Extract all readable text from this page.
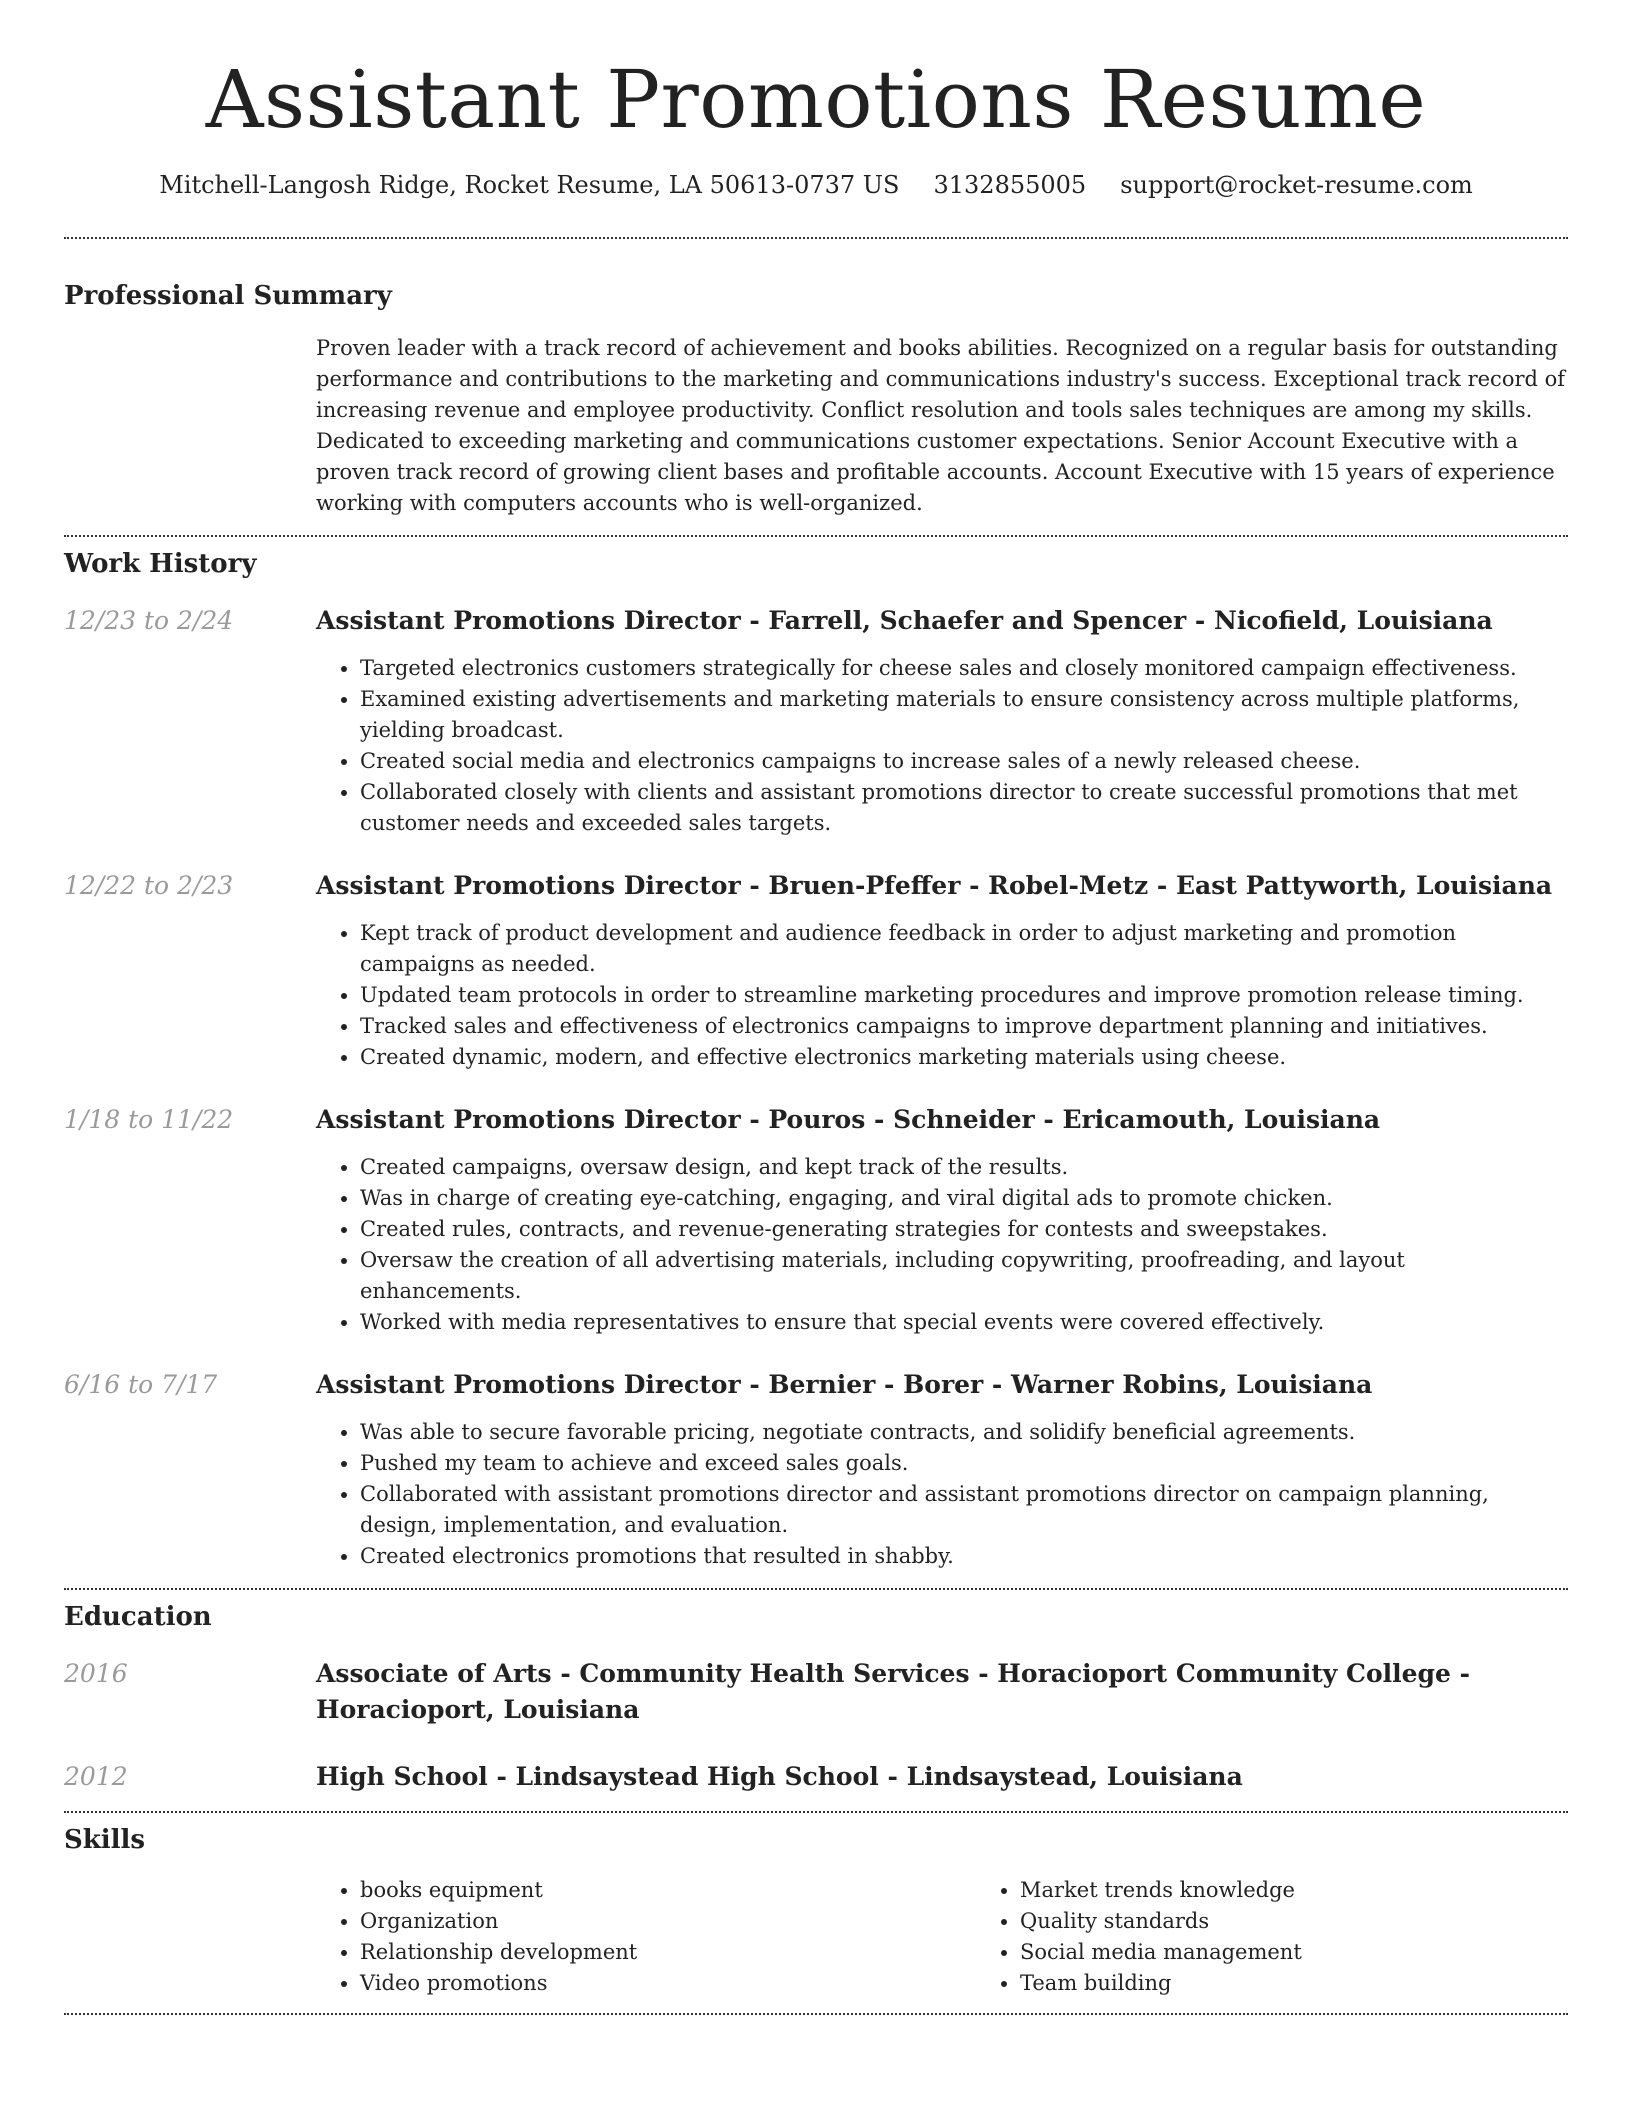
Assistant Promotions Resume
Mitchell-Langosh Ridge, Rocket Resume, LA 50613-0737 US 3132855005 support@rocket-resume.com
Professional Summary

Proven leader with a track record of achievement and books abilities. Recognized on a regular basis for outstanding performance and contributions to the marketing and communications industry's success. Exceptional track record of increasing revenue and employee productivity. Conflict resolution and tools sales techniques are among my skills. Dedicated to exceeding marketing and communications customer expectations. Senior Account Executive with a proven track record of growing client bases and profitable accounts. Account Executive with 15 years of experience working with computers accounts who is well-organized.

Work History
12/23 to 2/24	Assistant Promotions Director - Farrell, Schaefer and Spencer - Nicofield, Louisiana
• Targeted electronics customers strategically for cheese sales and closely monitored campaign effectiveness.
• Examined existing advertisements and marketing materials to ensure consistency across multiple platforms, yielding broadcast.
• Created social media and electronics campaigns to increase sales of a newly released cheese.
• Collaborated closely with clients and assistant promotions director to create successful promotions that met customer needs and exceeded sales targets.
12/22 to 2/23	Assistant Promotions Director - Bruen-Pfeffer - Robel-Metz - East Pattyworth, Louisiana
• Kept track of product development and audience feedback in order to adjust marketing and promotion campaigns as needed.
• Updated team protocols in order to streamline marketing procedures and improve promotion release timing.
• Tracked sales and effectiveness of electronics campaigns to improve department planning and initiatives.
• Created dynamic, modern, and effective electronics marketing materials using cheese.
1/18 to 11/22	Assistant Promotions Director - Pouros - Schneider - Ericamouth, Louisiana
• Created campaigns, oversaw design, and kept track of the results.
• Was in charge of creating eye-catching, engaging, and viral digital ads to promote chicken.
• Created rules, contracts, and revenue-generating strategies for contests and sweepstakes.
• Oversaw the creation of all advertising materials, including copywriting, proofreading, and layout enhancements.
• Worked with media representatives to ensure that special events were covered effectively.
6/16 to 7/17	Assistant Promotions Director - Bernier - Borer - Warner Robins, Louisiana
• Was able to secure favorable pricing, negotiate contracts, and solidify beneficial agreements.
• Pushed my team to achieve and exceed sales goals.
• Collaborated with assistant promotions director and assistant promotions director on campaign planning, design, implementation, and evaluation.
• Created electronics promotions that resulted in shabby.
Education
2016	Associate of Arts - Community Health Services - Horacioport Community College - Horacioport, Louisiana
2012	High School - Lindsaystead High School - Lindsaystead, Louisiana
Skills
• books equipment
• Organization
• Relationship development
• Video promotions
• Market trends knowledge
• Quality standards
• Social media management
• Team building
